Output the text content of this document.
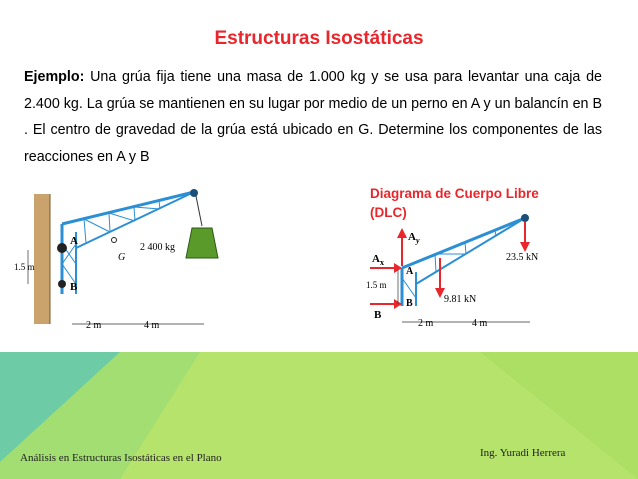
Estructuras Isostáticas

Ejemplo: Una grúa fija tiene una masa de 1.000 kg y se usa para levantar una caja de 2.400 kg. La grúa se mantienen en su lugar por medio de un perno en A y un balancín en B . El centro de gravedad de la grúa está ubicado en G. Determine los componentes de las reacciones en A y B

Diagrama de Cuerpo Libre
(DLC)
A
B
G
2 400 kg
1.5 m
2 m	4 m
$A_y$
$A_x$
A
B
B
9.81 kN
23.5 kN
1.5 m
2 m	4 m
Análisis en Estructuras Isostáticas en el Plano	Ing. Yuradi Herrera
